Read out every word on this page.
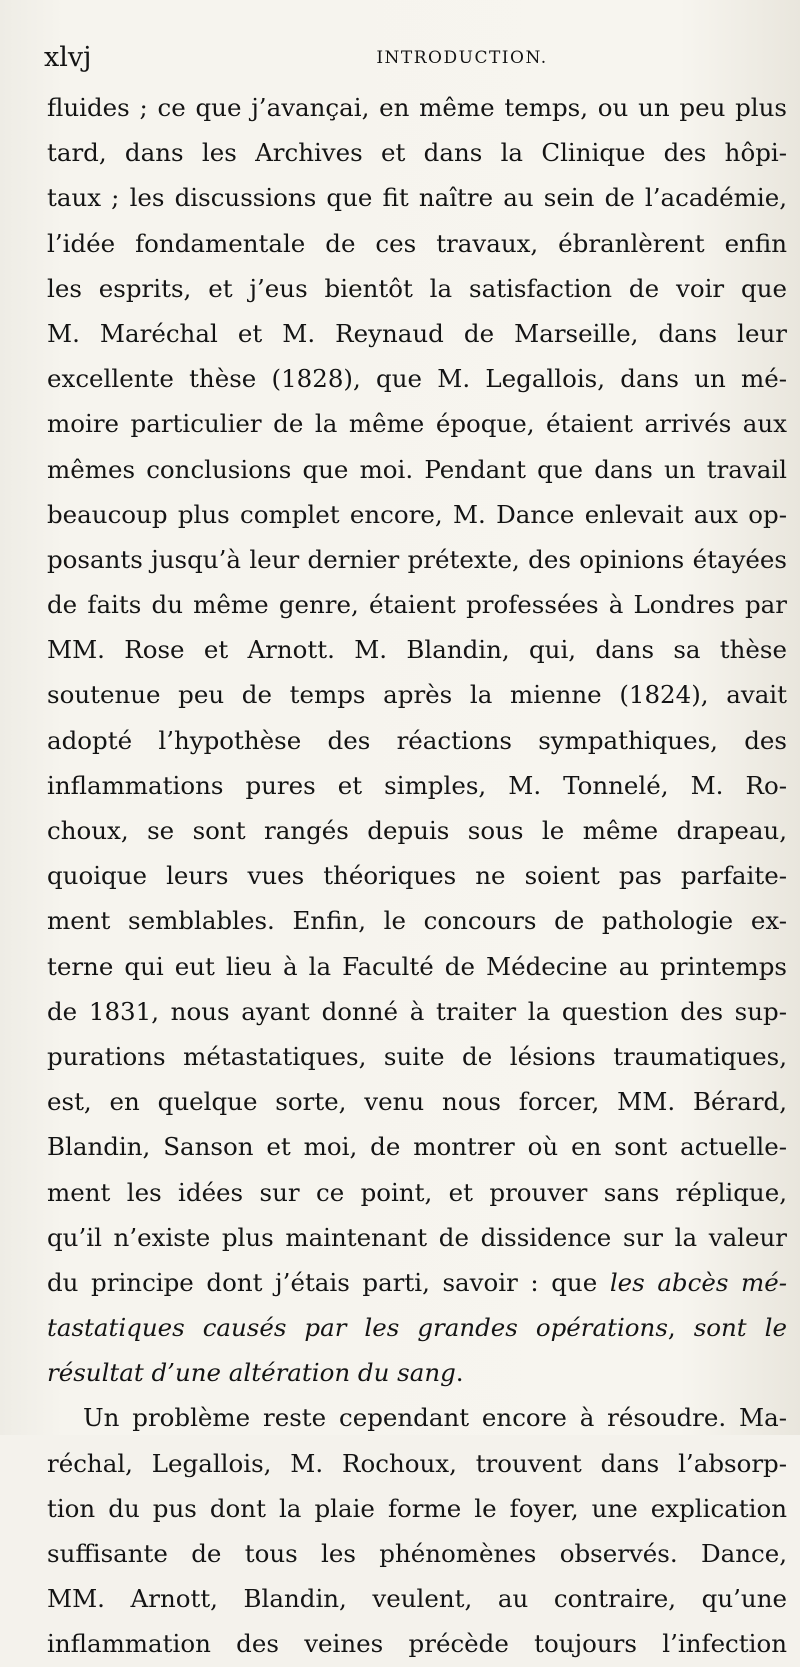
xlvj	INTRODUCTION.
fluides ; ce que j’avançai, en même temps, ou un peu plus
tard, dans les Archives et dans la Clinique des hôpi-
taux ; les discussions que fit naître au sein de l’académie,
l’idée fondamentale de ces travaux, ébranlèrent enfin
les esprits, et j’eus bientôt la satisfaction de voir que
M. Maréchal et M. Reynaud de Marseille, dans leur
excellente thèse (1828), que M. Legallois, dans un mé-
moire particulier de la même époque, étaient arrivés aux
mêmes conclusions que moi. Pendant que dans un travail
beaucoup plus complet encore, M. Dance enlevait aux op-
posants jusqu’à leur dernier prétexte, des opinions étayées
de faits du même genre, étaient professées à Londres par
MM. Rose et Arnott. M. Blandin, qui, dans sa thèse
soutenue peu de temps après la mienne (1824), avait
adopté l’hypothèse des réactions sympathiques, des
inflammations pures et simples, M. Tonnelé, M. Ro-
choux, se sont rangés depuis sous le même drapeau,
quoique leurs vues théoriques ne soient pas parfaite-
ment semblables. Enfin, le concours de pathologie ex-
terne qui eut lieu à la Faculté de Médecine au printemps
de 1831, nous ayant donné à traiter la question des sup-
purations métastatiques, suite de lésions traumatiques,
est, en quelque sorte, venu nous forcer, MM. Bérard,
Blandin, Sanson et moi, de montrer où en sont actuelle-
ment les idées sur ce point, et prouver sans réplique,
qu’il n’existe plus maintenant de dissidence sur la valeur
du principe dont j’étais parti, savoir : que les abcès mé-
tastatiques causés par les grandes opérations, sont le
résultat d’une altération du sang.
Un problème reste cependant encore à résoudre. Ma-
réchal, Legallois, M. Rochoux, trouvent dans l’absorp-
tion du pus dont la plaie forme le foyer, une explication
suffisante de tous les phénomènes observés. Dance,
MM. Arnott, Blandin, veulent, au contraire, qu’une
inflammation des veines précède toujours l’infection
